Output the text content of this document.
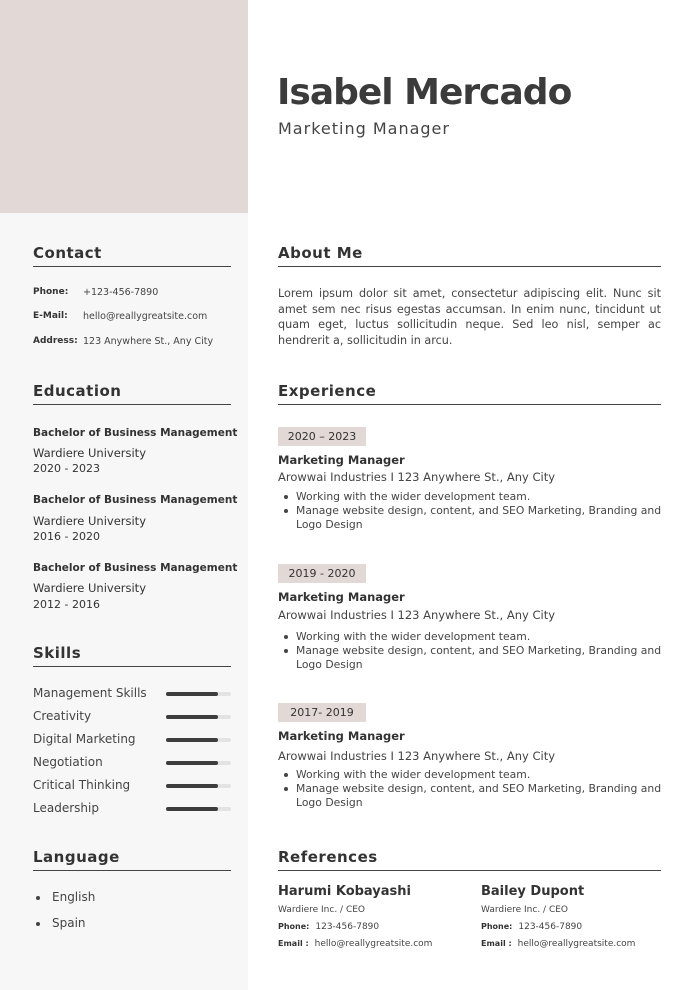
Isabel Mercado
Marketing Manager
Contact
Phone:	+123-456-7890
E-Mail:	hello@reallygreatsite.com
Address: 123 Anywhere St., Any City
Education
Bachelor of Business Management
Wardiere University
2020 - 2023
Bachelor of Business Management
Wardiere University
2016 - 2020
Bachelor of Business Management
Wardiere University
2012 - 2016
Skills
Management Skills
Creativity
Digital Marketing
Negotiation
Critical Thinking
Leadership
Language
English
Spain
About Me
Lorem ipsum dolor sit amet, consectetur adipiscing elit. Nunc sit amet sem nec risus egestas accumsan. In enim nunc, tincidunt ut quam eget, luctus sollicitudin neque. Sed leo nisl, semper ac hendrerit a, sollicitudin in arcu.
Experience
2020 – 2023
Marketing Manager
Arowwai Industries I 123 Anywhere St., Any City
Working with the wider development team.
Manage website design, content, and SEO Marketing, Branding and Logo Design
2019 - 2020
Marketing Manager
Arowwai Industries I 123 Anywhere St., Any City
Working with the wider development team.
Manage website design, content, and SEO Marketing, Branding and Logo Design
2017- 2019
Marketing Manager
Arowwai Industries I 123 Anywhere St., Any City
Working with the wider development team.
Manage website design, content, and SEO Marketing, Branding and Logo Design
References
Harumi Kobayashi
Wardiere Inc. / CEO
Phone: 123-456-7890
Email : hello@reallygreatsite.com
Bailey Dupont
Wardiere Inc. / CEO
Phone: 123-456-7890
Email : hello@reallygreatsite.com
